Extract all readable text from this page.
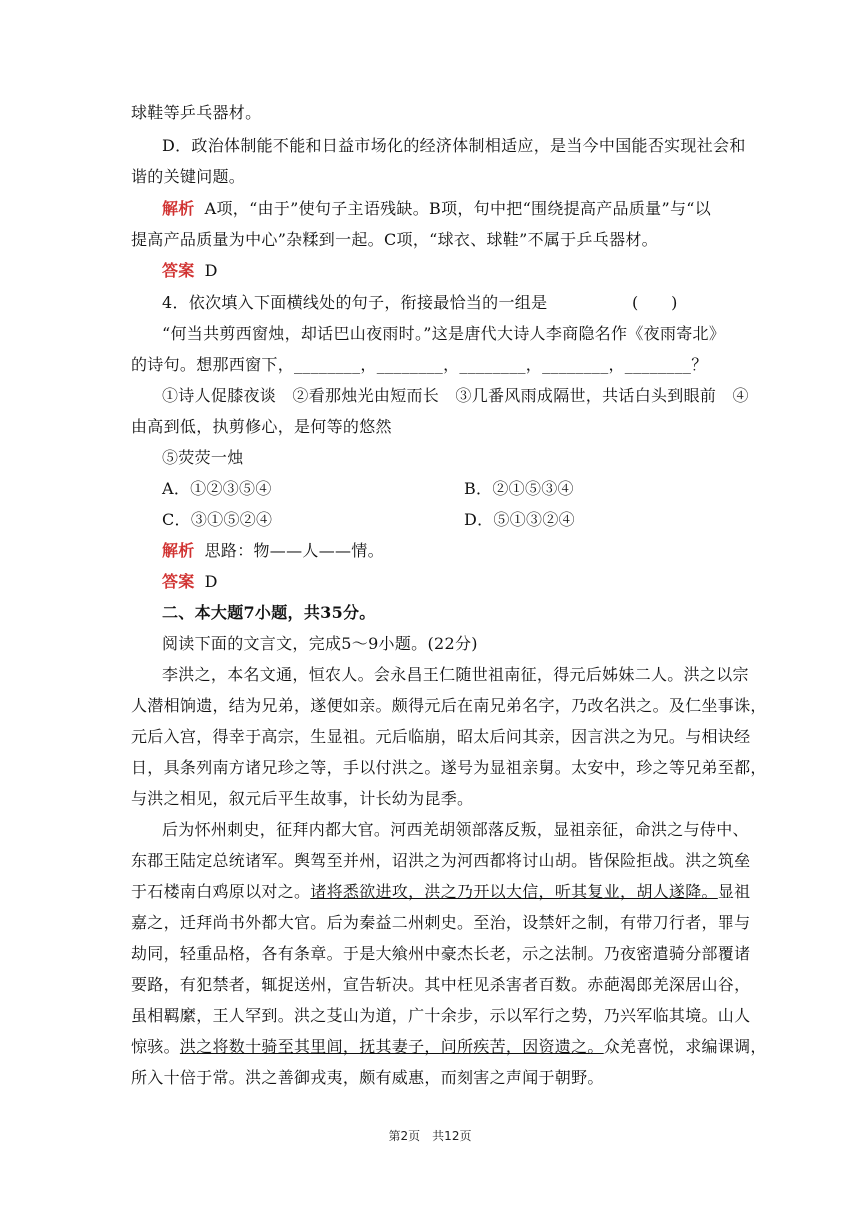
球鞋等乒乓器材。
D．政治体制能不能和日益市场化的经济体制相适应，是当今中国能否实现社会和
谐的关键问题。
解析 A项，“由于”使句子主语残缺。B项，句中把“围绕提高产品质量”与“以
提高产品质量为中心”杂糅到一起。C项，“球衣、球鞋”不属于乒乓器材。
答案 D
4．依次填入下面横线处的句子，衔接最恰当的一组是	(　　)
“何当共剪西窗烛，却话巴山夜雨时。”这是唐代大诗人李商隐名作《夜雨寄北》
的诗句。想那西窗下，________，________，________，________，________？
①诗人促膝夜谈　②看那烛光由短而长　③几番风雨成隔世，共话白头到眼前　④
由高到低，执剪修心，是何等的悠然
⑤荧荧一烛
A．①②③⑤④	B．②①⑤③④
C．③①⑤②④	D．⑤①③②④
解析 思路：物——人——情。
答案 D
二、本大题7小题，共35分。
阅读下面的文言文，完成5～9小题。(22分)
李洪之，本名文通，恒农人。会永昌王仁随世祖南征，得元后姊妹二人。洪之以宗
人潜相饷遗，结为兄弟，遂便如亲。颇得元后在南兄弟名字，乃改名洪之。及仁坐事诛，
元后入宫，得幸于高宗，生显祖。元后临崩，昭太后问其亲，因言洪之为兄。与相诀经
日，具条列南方诸兄珍之等，手以付洪之。遂号为显祖亲舅。太安中，珍之等兄弟至都，
与洪之相见，叙元后平生故事，计长幼为昆季。
后为怀州刺史，征拜内都大官。河西羌胡领部落反叛，显祖亲征，命洪之与侍中、
东郡王陆定总统诸军。舆驾至并州，诏洪之为河西都将讨山胡。皆保险拒战。洪之筑垒
于石楼南白鸡原以对之。诸将悉欲进攻，洪之乃开以大信，听其复业，胡人遂降。显祖
嘉之，迁拜尚书外都大官。后为秦益二州刺史。至治，设禁奸之制，有带刀行者，罪与
劫同，轻重品格，各有条章。于是大飨州中豪杰长老，示之法制。乃夜密遣骑分部覆诸
要路，有犯禁者，辄捉送州，宣告斩决。其中枉见杀害者百数。赤葩渴郎羌深居山谷，
虽相羁縻，王人罕到。洪之芟山为道，广十余步，示以军行之势，乃兴军临其境。山人
惊骇。洪之将数十骑至其里闾，抚其妻子，问所疾苦，因资遗之。众羌喜悦，求编课调，
所入十倍于常。洪之善御戎夷，颇有威惠，而刻害之声闻于朝野。
第2页　共12页
